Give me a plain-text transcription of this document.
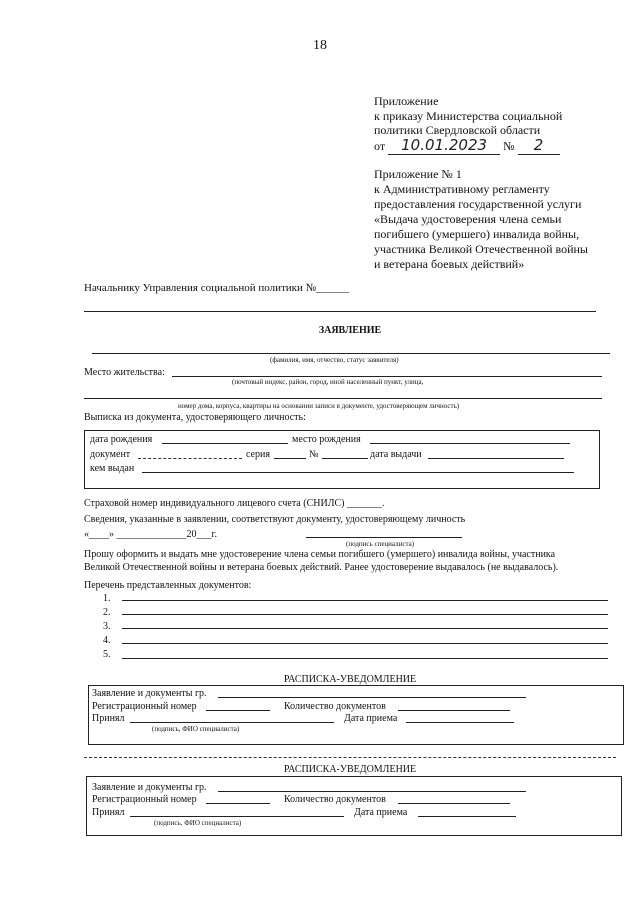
18
Приложение
к приказу Министерства социальной
политики Свердловской области
от 10.01.2023 № 2
Приложение № 1
к Административному регламенту
предоставления государственной услуги
«Выдача удостоверения члена семьи
погибшего (умершего) инвалида войны,
участника Великой Отечественной войны
и ветерана боевых действий»
Начальнику Управления социальной политики №______
ЗАЯВЛЕНИЕ
(фамилия, имя, отчество, статус заявителя)
Место жительства:
(почтовый индекс, район, город, иной населенный пункт, улица,
номер дома, корпуса, квартиры на основании записи в документе, удостоверяющем личность)
Выписка из документа, удостоверяющего личность:
дата рождения	место рождения
документ	серия	№	дата выдачи
кем выдан
Страховой номер индивидуального лицевого счета (СНИЛС) _______.
Сведения, указанные в заявлении, соответствуют документу, удостоверяющему личность
«____» ______________20___г.
(подпись специалиста)
Прошу оформить и выдать мне удостоверение члена семьи погибшего (умершего) инвалида войны, участника
Великой Отечественной войны и ветерана боевых действий. Ранее удостоверение выдавалось (не выдавалось).
Перечень представленных документов:
1.
2.
3.
4.
5.
РАСПИСКА-УВЕДОМЛЕНИЕ
Заявление и документы гр.
Регистрационный номер	Количество документов
Принял	Дата приема
(подпись, ФИО специалиста)
РАСПИСКА-УВЕДОМЛЕНИЕ
Заявление и документы гр.
Регистрационный номер	Количество документов
Принял	Дата приема
(подпись, ФИО специалиста)
